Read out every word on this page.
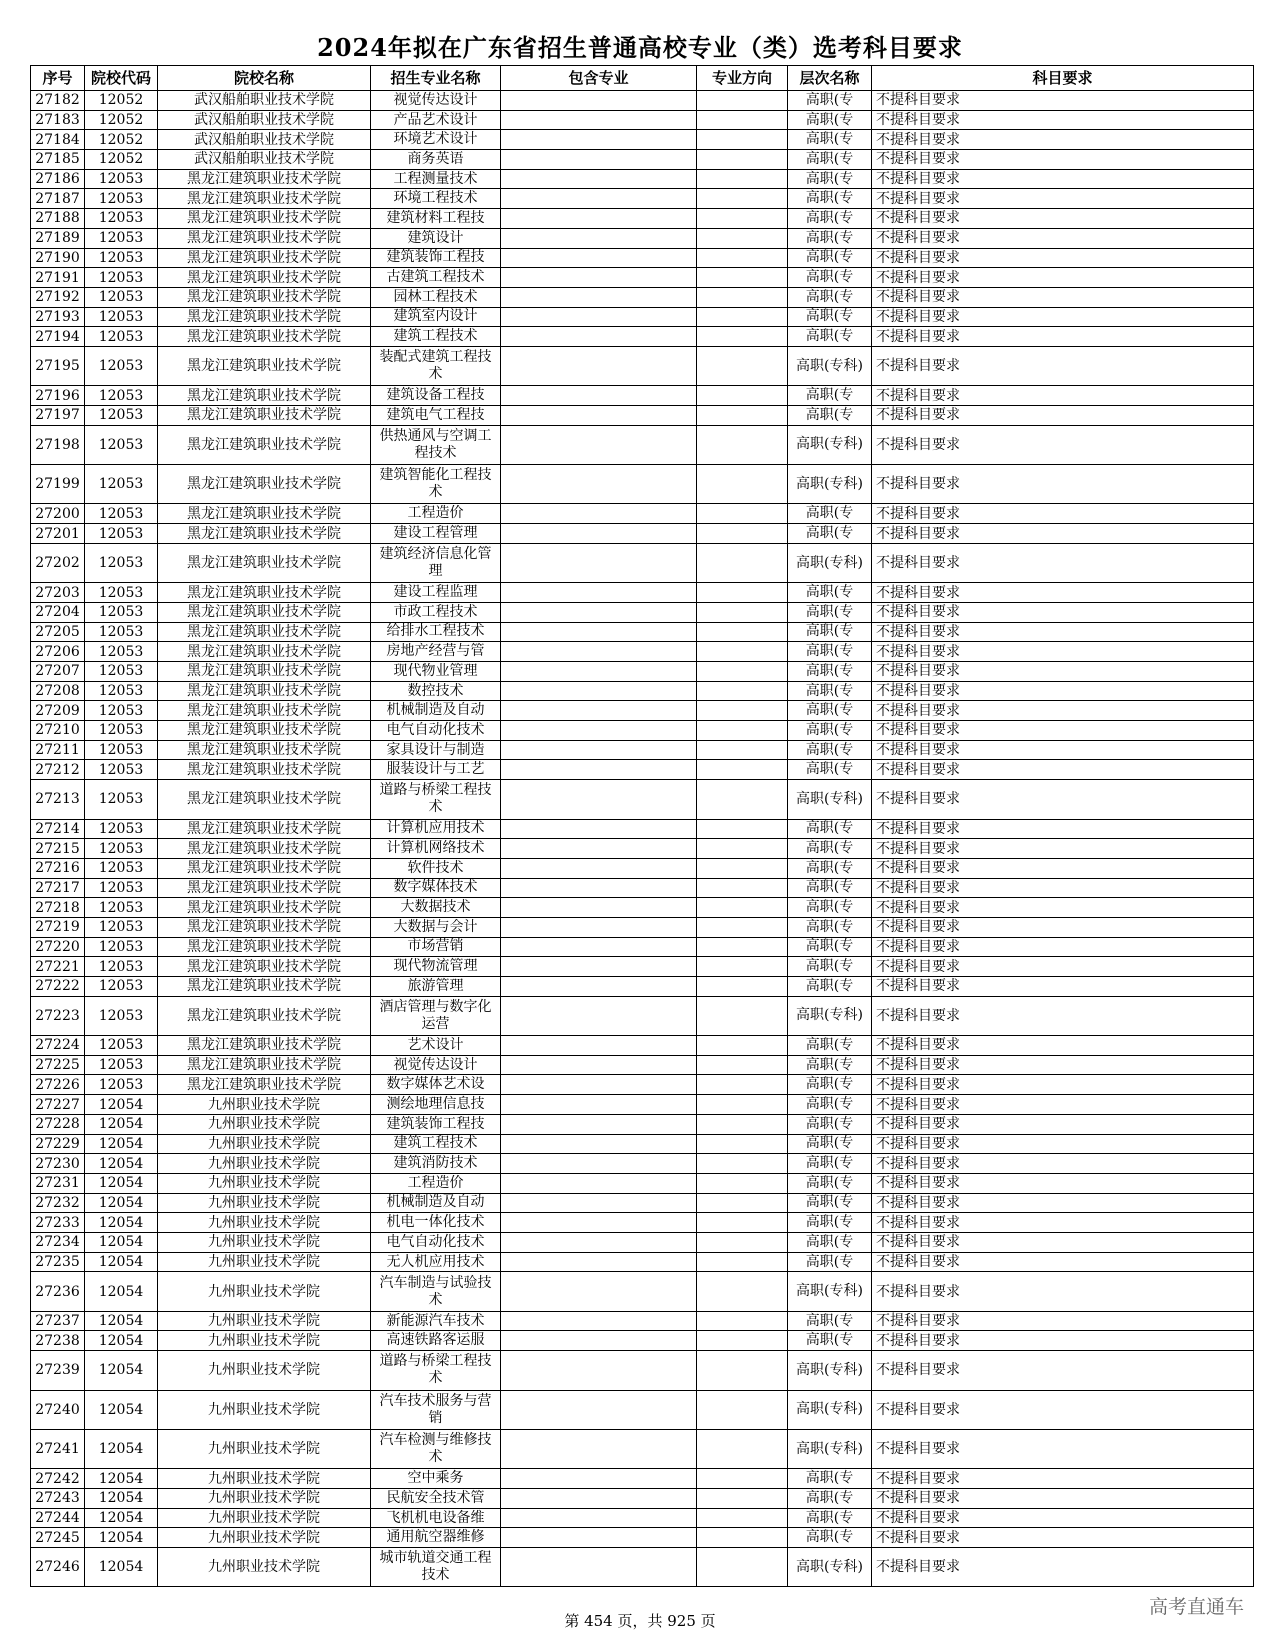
2024年拟在广东省招生普通高校专业（类）选考科目要求
序号	院校代码	院校名称	招生专业名称	包含专业	专业方向	层次名称	科目要求
27182	12052	武汉船舶职业技术学院	视觉传达设计			高职(专	不提科目要求
27183	12052	武汉船舶职业技术学院	产品艺术设计			高职(专	不提科目要求
27184	12052	武汉船舶职业技术学院	环境艺术设计			高职(专	不提科目要求
27185	12052	武汉船舶职业技术学院	商务英语			高职(专	不提科目要求
27186	12053	黑龙江建筑职业技术学院	工程测量技术			高职(专	不提科目要求
27187	12053	黑龙江建筑职业技术学院	环境工程技术			高职(专	不提科目要求
27188	12053	黑龙江建筑职业技术学院	建筑材料工程技			高职(专	不提科目要求
27189	12053	黑龙江建筑职业技术学院	建筑设计			高职(专	不提科目要求
27190	12053	黑龙江建筑职业技术学院	建筑装饰工程技			高职(专	不提科目要求
27191	12053	黑龙江建筑职业技术学院	古建筑工程技术			高职(专	不提科目要求
27192	12053	黑龙江建筑职业技术学院	园林工程技术			高职(专	不提科目要求
27193	12053	黑龙江建筑职业技术学院	建筑室内设计			高职(专	不提科目要求
27194	12053	黑龙江建筑职业技术学院	建筑工程技术			高职(专	不提科目要求
27195	12053	黑龙江建筑职业技术学院	装配式建筑工程技术			高职(专科)	不提科目要求
27196	12053	黑龙江建筑职业技术学院	建筑设备工程技			高职(专	不提科目要求
27197	12053	黑龙江建筑职业技术学院	建筑电气工程技			高职(专	不提科目要求
27198	12053	黑龙江建筑职业技术学院	供热通风与空调工程技术			高职(专科)	不提科目要求
27199	12053	黑龙江建筑职业技术学院	建筑智能化工程技术			高职(专科)	不提科目要求
27200	12053	黑龙江建筑职业技术学院	工程造价			高职(专	不提科目要求
27201	12053	黑龙江建筑职业技术学院	建设工程管理			高职(专	不提科目要求
27202	12053	黑龙江建筑职业技术学院	建筑经济信息化管理			高职(专科)	不提科目要求
27203	12053	黑龙江建筑职业技术学院	建设工程监理			高职(专	不提科目要求
27204	12053	黑龙江建筑职业技术学院	市政工程技术			高职(专	不提科目要求
27205	12053	黑龙江建筑职业技术学院	给排水工程技术			高职(专	不提科目要求
27206	12053	黑龙江建筑职业技术学院	房地产经营与管			高职(专	不提科目要求
27207	12053	黑龙江建筑职业技术学院	现代物业管理			高职(专	不提科目要求
27208	12053	黑龙江建筑职业技术学院	数控技术			高职(专	不提科目要求
27209	12053	黑龙江建筑职业技术学院	机械制造及自动			高职(专	不提科目要求
27210	12053	黑龙江建筑职业技术学院	电气自动化技术			高职(专	不提科目要求
27211	12053	黑龙江建筑职业技术学院	家具设计与制造			高职(专	不提科目要求
27212	12053	黑龙江建筑职业技术学院	服装设计与工艺			高职(专	不提科目要求
27213	12053	黑龙江建筑职业技术学院	道路与桥梁工程技术			高职(专科)	不提科目要求
27214	12053	黑龙江建筑职业技术学院	计算机应用技术			高职(专	不提科目要求
27215	12053	黑龙江建筑职业技术学院	计算机网络技术			高职(专	不提科目要求
27216	12053	黑龙江建筑职业技术学院	软件技术			高职(专	不提科目要求
27217	12053	黑龙江建筑职业技术学院	数字媒体技术			高职(专	不提科目要求
27218	12053	黑龙江建筑职业技术学院	大数据技术			高职(专	不提科目要求
27219	12053	黑龙江建筑职业技术学院	大数据与会计			高职(专	不提科目要求
27220	12053	黑龙江建筑职业技术学院	市场营销			高职(专	不提科目要求
27221	12053	黑龙江建筑职业技术学院	现代物流管理			高职(专	不提科目要求
27222	12053	黑龙江建筑职业技术学院	旅游管理			高职(专	不提科目要求
27223	12053	黑龙江建筑职业技术学院	酒店管理与数字化运营			高职(专科)	不提科目要求
27224	12053	黑龙江建筑职业技术学院	艺术设计			高职(专	不提科目要求
27225	12053	黑龙江建筑职业技术学院	视觉传达设计			高职(专	不提科目要求
27226	12053	黑龙江建筑职业技术学院	数字媒体艺术设			高职(专	不提科目要求
27227	12054	九州职业技术学院	测绘地理信息技			高职(专	不提科目要求
27228	12054	九州职业技术学院	建筑装饰工程技			高职(专	不提科目要求
27229	12054	九州职业技术学院	建筑工程技术			高职(专	不提科目要求
27230	12054	九州职业技术学院	建筑消防技术			高职(专	不提科目要求
27231	12054	九州职业技术学院	工程造价			高职(专	不提科目要求
27232	12054	九州职业技术学院	机械制造及自动			高职(专	不提科目要求
27233	12054	九州职业技术学院	机电一体化技术			高职(专	不提科目要求
27234	12054	九州职业技术学院	电气自动化技术			高职(专	不提科目要求
27235	12054	九州职业技术学院	无人机应用技术			高职(专	不提科目要求
27236	12054	九州职业技术学院	汽车制造与试验技术			高职(专科)	不提科目要求
27237	12054	九州职业技术学院	新能源汽车技术			高职(专	不提科目要求
27238	12054	九州职业技术学院	高速铁路客运服			高职(专	不提科目要求
27239	12054	九州职业技术学院	道路与桥梁工程技术			高职(专科)	不提科目要求
27240	12054	九州职业技术学院	汽车技术服务与营销			高职(专科)	不提科目要求
27241	12054	九州职业技术学院	汽车检测与维修技术			高职(专科)	不提科目要求
27242	12054	九州职业技术学院	空中乘务			高职(专	不提科目要求
27243	12054	九州职业技术学院	民航安全技术管			高职(专	不提科目要求
27244	12054	九州职业技术学院	飞机机电设备维			高职(专	不提科目要求
27245	12054	九州职业技术学院	通用航空器维修			高职(专	不提科目要求
27246	12054	九州职业技术学院	城市轨道交通工程技术			高职(专科)	不提科目要求
第 454 页，共 925 页
高考直通车
